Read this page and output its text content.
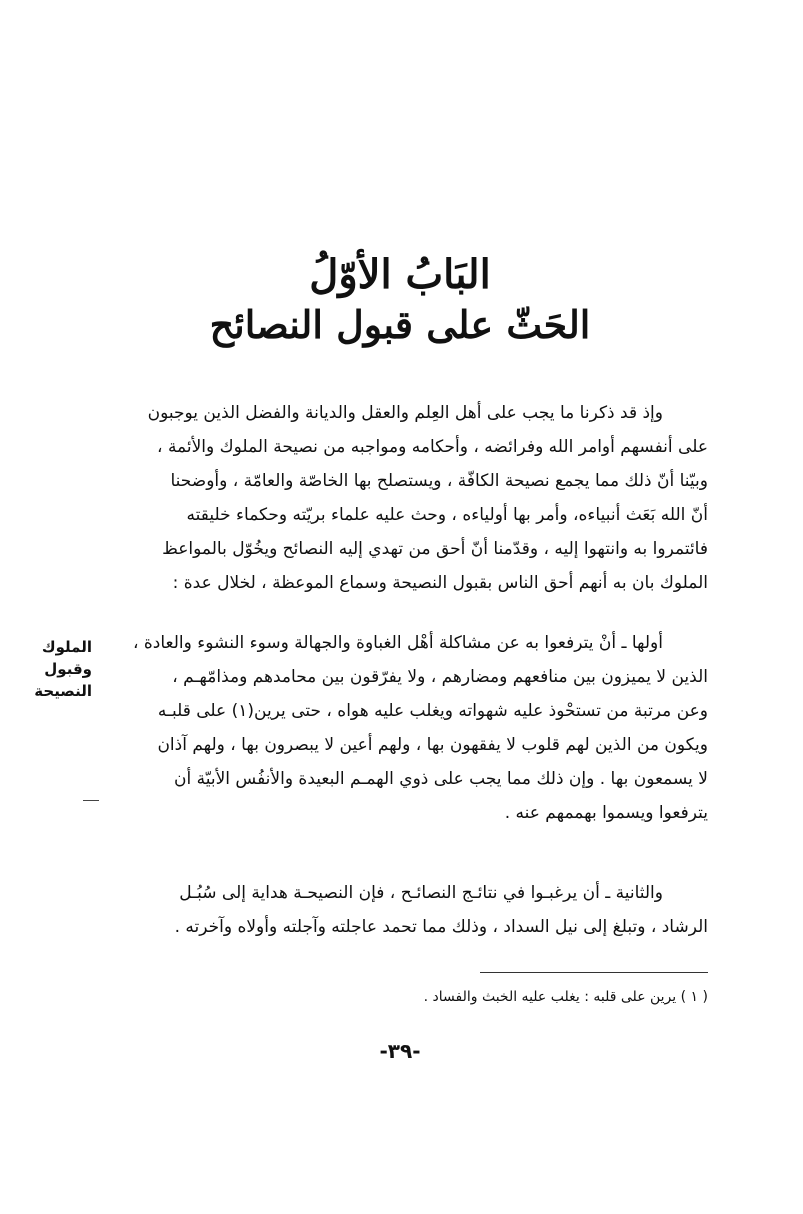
البَابُ الأوّلُ
الحَثّ على قبول النصائح
وإذ قد ذكرنا ما يجب على أهل العِلم والعقل والديانة والفضل الذين يوجبون
على أنفسهم أوامر الله وفرائضه ، وأحكامه ومواجبه من نصيحة الملوك والأئمة ،
وبيّنا أنّ ذلك مما يجمع نصيحة الكافّة ، ويستصلح بها الخاصّة والعامّة ، وأوضحنا
أنّ الله بَعَث أنبياءه، وأمر بها أولياءه ، وحث عليه علماء بريّته وحكماء خليقته
فائتمروا به وانتهوا إليه ، وقدّمنا أنّ أحق من تهدي إليه النصائح ويخُوّل بالمواعظ
الملوك بان به أنهم أحق الناس بقبول النصيحة وسماع الموعظة ، لخلال عدة :
أولها ـ أنْ يترفعوا به عن مشاكلة أهْل الغباوة والجهالة وسوء النشوء والعادة ،
الذين لا يميزون بين منافعهم ومضارهم ، ولا يفرّقون بين محامدهم ومذامّهـم ،
وعن مرتبة من تستحْوذ عليه شهواته ويغلب عليه هواه ، حتى يرين(١) على قلبـه
ويكون من الذين لهم قلوب لا يفقهون بها ، ولهم أعين لا يبصرون بها ، ولهم آذان
لا يسمعون بها . وإن ذلك مما يجب على ذوي الهمـم البعيدة والأنفُس الأبيّة أن
يترفعوا ويسموا بهممهم عنه .
والثانية ـ أن يرغبـوا في نتائـج النصائـح ، فإن النصيحـة هداية إلى سُبُـل
الرشاد ، وتبلغ إلى نيل السداد ، وذلك مما تحمد عاجلته وآجلته وأولاه وآخرته .
الملوك
وقبول
النصيحة
( ١ ) يرين على قلبه : يغلب عليه الخبث والفساد .
-٣٩-
